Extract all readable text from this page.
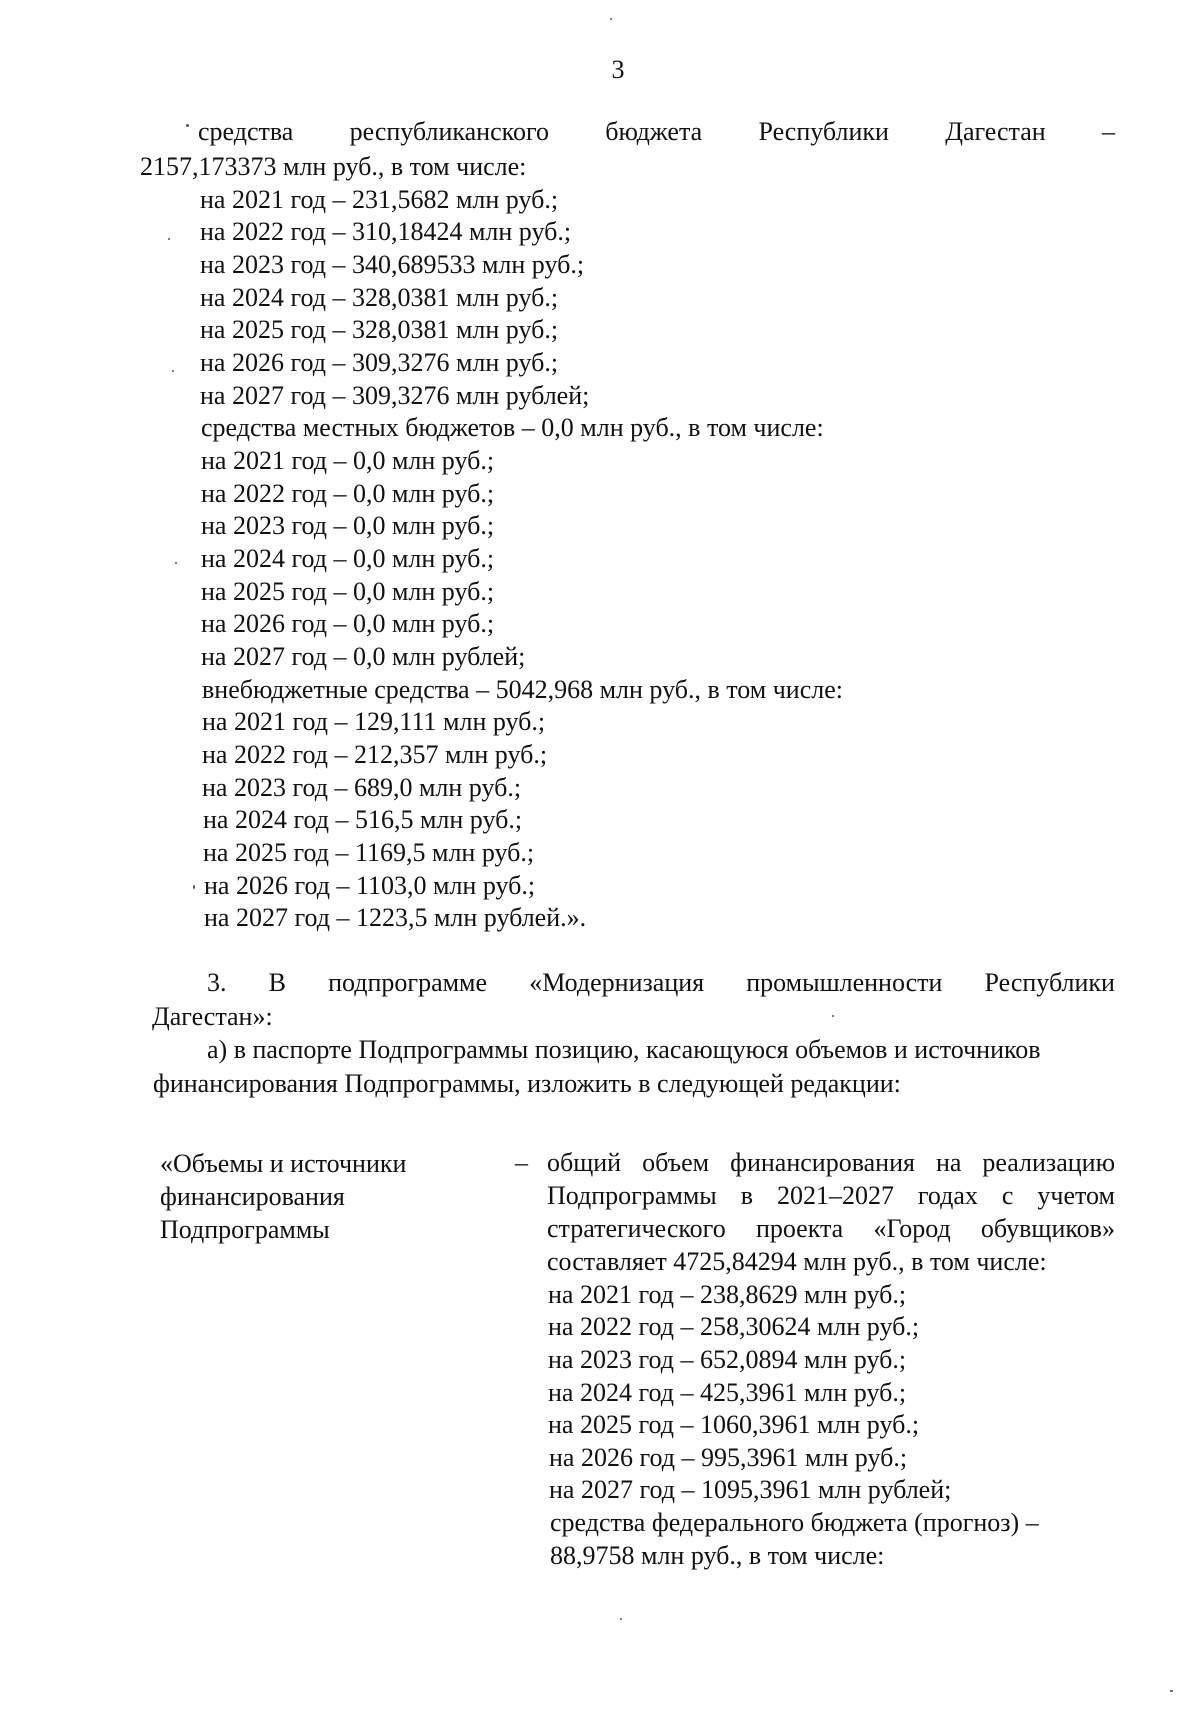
3
средства республиканского бюджета Республики Дагестан –
2157,173373 млн руб., в том числе:
на 2021 год – 231,5682 млн руб.;
на 2022 год – 310,18424 млн руб.;
на 2023 год – 340,689533 млн руб.;
на 2024 год – 328,0381 млн руб.;
на 2025 год – 328,0381 млн руб.;
на 2026 год – 309,3276 млн руб.;
на 2027 год – 309,3276 млн рублей;
средства местных бюджетов – 0,0 млн руб., в том числе:
на 2021 год – 0,0 млн руб.;
на 2022 год – 0,0 млн руб.;
на 2023 год – 0,0 млн руб.;
на 2024 год – 0,0 млн руб.;
на 2025 год – 0,0 млн руб.;
на 2026 год – 0,0 млн руб.;
на 2027 год – 0,0 млн рублей;
внебюджетные средства – 5042,968 млн руб., в том числе:
на 2021 год – 129,111 млн руб.;
на 2022 год – 212,357 млн руб.;
на 2023 год – 689,0 млн руб.;
на 2024 год – 516,5 млн руб.;
на 2025 год – 1169,5 млн руб.;
на 2026 год – 1103,0 млн руб.;
на 2027 год – 1223,5 млн рублей.».
3. В подпрограмме «Модернизация промышленности Республики
Дагестан»:
а) в паспорте Подпрограммы позицию, касающуюся объемов и источников
финансирования Подпрограммы, изложить в следующей редакции:
«Объемы и источники
финансирования
Подпрограммы
– общий объем финансирования на реализацию
Подпрограммы в 2021–2027 годах с учетом
стратегического проекта «Город обувщиков»
составляет 4725,84294 млн руб., в том числе:
на 2021 год – 238,8629 млн руб.;
на 2022 год – 258,30624 млн руб.;
на 2023 год – 652,0894 млн руб.;
на 2024 год – 425,3961 млн руб.;
на 2025 год – 1060,3961 млн руб.;
на 2026 год – 995,3961 млн руб.;
на 2027 год – 1095,3961 млн рублей;
средства федерального бюджета (прогноз) –
88,9758 млн руб., в том числе:
